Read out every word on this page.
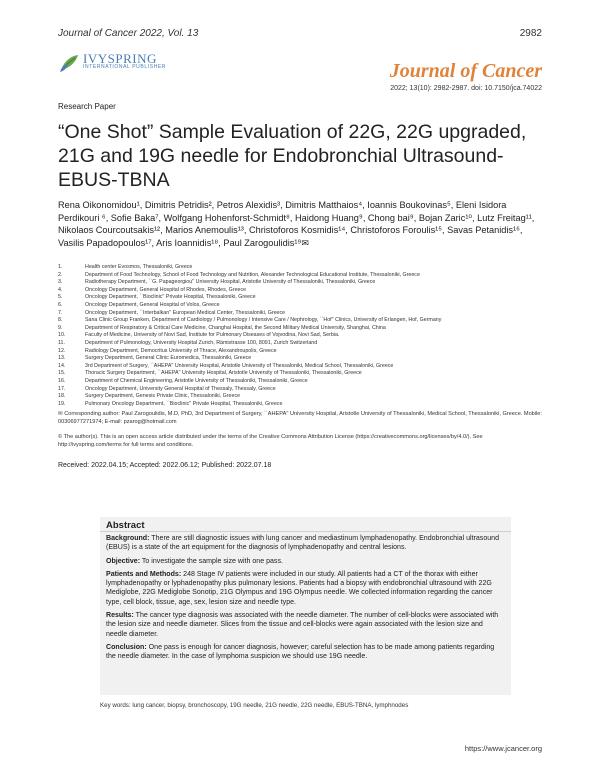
Journal of Cancer 2022, Vol. 13	2982
IVYSPRING
INTERNATIONAL PUBLISHER	Journal of Cancer
2022; 13(10): 2982-2987. doi: 10.7150/jca.74022
Research Paper
“One Shot” Sample Evaluation of 22G, 22G upgraded, 21G and 19G needle for Endobronchial Ultrasound-EBUS-TBNA
Rena Oikonomidou¹, Dimitris Petridis², Petros Alexidis³, Dimitris Matthaios⁴, Ioannis Boukovinas⁵, Eleni Isidora Perdikouri ⁶, Sofie Baka⁷, Wolfgang Hohenforst-Schmidt⁸, Haidong Huang⁹, Chong bai⁹, Bojan Zaric¹⁰, Lutz Freitag¹¹, Nikolaos Courcoutsakis¹², Marios Anemoulis¹³, Christoforos Kosmidis¹⁴, Christoforos Foroulis¹⁵, Savas Petanidis¹⁶, Vasilis Papadopoulos¹⁷, Aris Ioannidis¹⁸, Paul Zarogoulidis¹⁹✉
1.	Health center Evosmos, Thessaloniki, Greece
2.	Department of Food Technology, School of Food Technology and Nutrition, Alexander Technological Educational Institute, Thessaloniki, Greece
3.	Radiotherapy Department, ``G. Papageorgiou'' University Hospital, Aristotle University of Thessaloniki, Thessaloniki, Greece
4.	Oncology Department, General Hospital of Rhodes, Rhodes, Greece
5.	Oncology Department, ``Bioclinic'' Private Hospital, Thessaloniki, Greece
6.	Oncology Department, General Hospital of Volos, Greece
7.	Oncology Department, ``Interbalkan'' European Medical Center, Thessaloniki, Greece
8.	Sana Clinic Group Franken, Department of Cardiology / Pulmonology / Intensive Care / Nephrology, ``Hof'' Clinics, University of Erlangen, Hof, Germany
9.	Department of Respiratory & Critical Care Medicine, Changhai Hospital, the Second Military Medical University, Shanghai, China
10.	Faculty of Medicine, University of Novi Sad, Institute for Pulmonary Diseases of Vojvodina, Novi Sad, Serbia.
11.	Department of Pulmonology, University Hospital Zurich, Rämistrasse 100, 8091, Zurich Switzerland
12.	Radiology Department, Democritus University of Thrace, Alexandroupolis, Greece
13.	Surgery Department, General Clinic Euromedica, Thessaloniki, Greece
14.	3rd Department of Surgery, ``AHEPA'' University Hospital, Aristotle University of Thessaloniki, Medical School, Thessaloniki, Greece
15.	Thoracic Surgery Department, ``AHEPA'' University Hospital, Aristotle University of Thessaloniki, Thessaloniki, Greece
16.	Department of Chemical Engineering, Aristotle University of Thessaloniki, Thessaloniki, Greece
17.	Oncology Department, University General Hospital of Thessaly, Thessaly, Greece
18.	Surgery Department, Genesis Private Clinic, Thessaloniki, Greece
19.	Pulmonary Oncology Department, ``Bioclinic'' Private Hospital, Thessaloniki, Greece
✉ Corresponding author: Paul Zarogoulidis, M.D, PhD, 3rd Department of Surgery, ``AHEPA'' University Hospital, Aristotle University of Thessaloniki, Medical School, Thessaloniki, Greece. Mobile: 00306977271974; E-mail: pzarog@hotmail.com
© The author(s). This is an open access article distributed under the terms of the Creative Commons Attribution License (https://creativecommons.org/licenses/by/4.0/). See http://ivyspring.com/terms for full terms and conditions.
Received: 2022.04.15; Accepted: 2022.06.12; Published: 2022.07.18
Abstract

Background: There are still diagnostic issues with lung cancer and mediastinum lymphadenopathy. Endobronchial ultrasound (EBUS) is a state of the art equipment for the diagnosis of lymphadenopathy and central lesions.

Objective: To investigate the sample size with one pass.

Patients and Methods: 248 Stage IV patients were included in our study. All patients had a CT of the thorax with either lymphadenopathy or lyphadenopathy plus pulmonary lesions. Patients had a biopsy with endobronchial ultrasound with 22G Mediglobe, 22G Mediglobe Sonotip, 21G Olympus and 19G Olympus needle. We collected information regarding the cancer type, cell block, tissue, age, sex, lesion size and needle type.

Results: The cancer type diagnosis was associated with the needle diameter. The number of cell-blocks were associated with the lesion size and needle diameter. Slices from the tissue and cell-blocks were again associated with the lesion size and needle diameter.

Conclusion: One pass is enough for cancer diagnosis, however; careful selection has to be made among patients regarding the needle diameter. In the case of lymphoma suspicion we should use 19G needle.

Key words: lung cancer, biopsy, bronchoscopy, 19G needle, 21G needle, 22G needle, EBUS-TBNA, lymphnodes
https://www.jcancer.org
